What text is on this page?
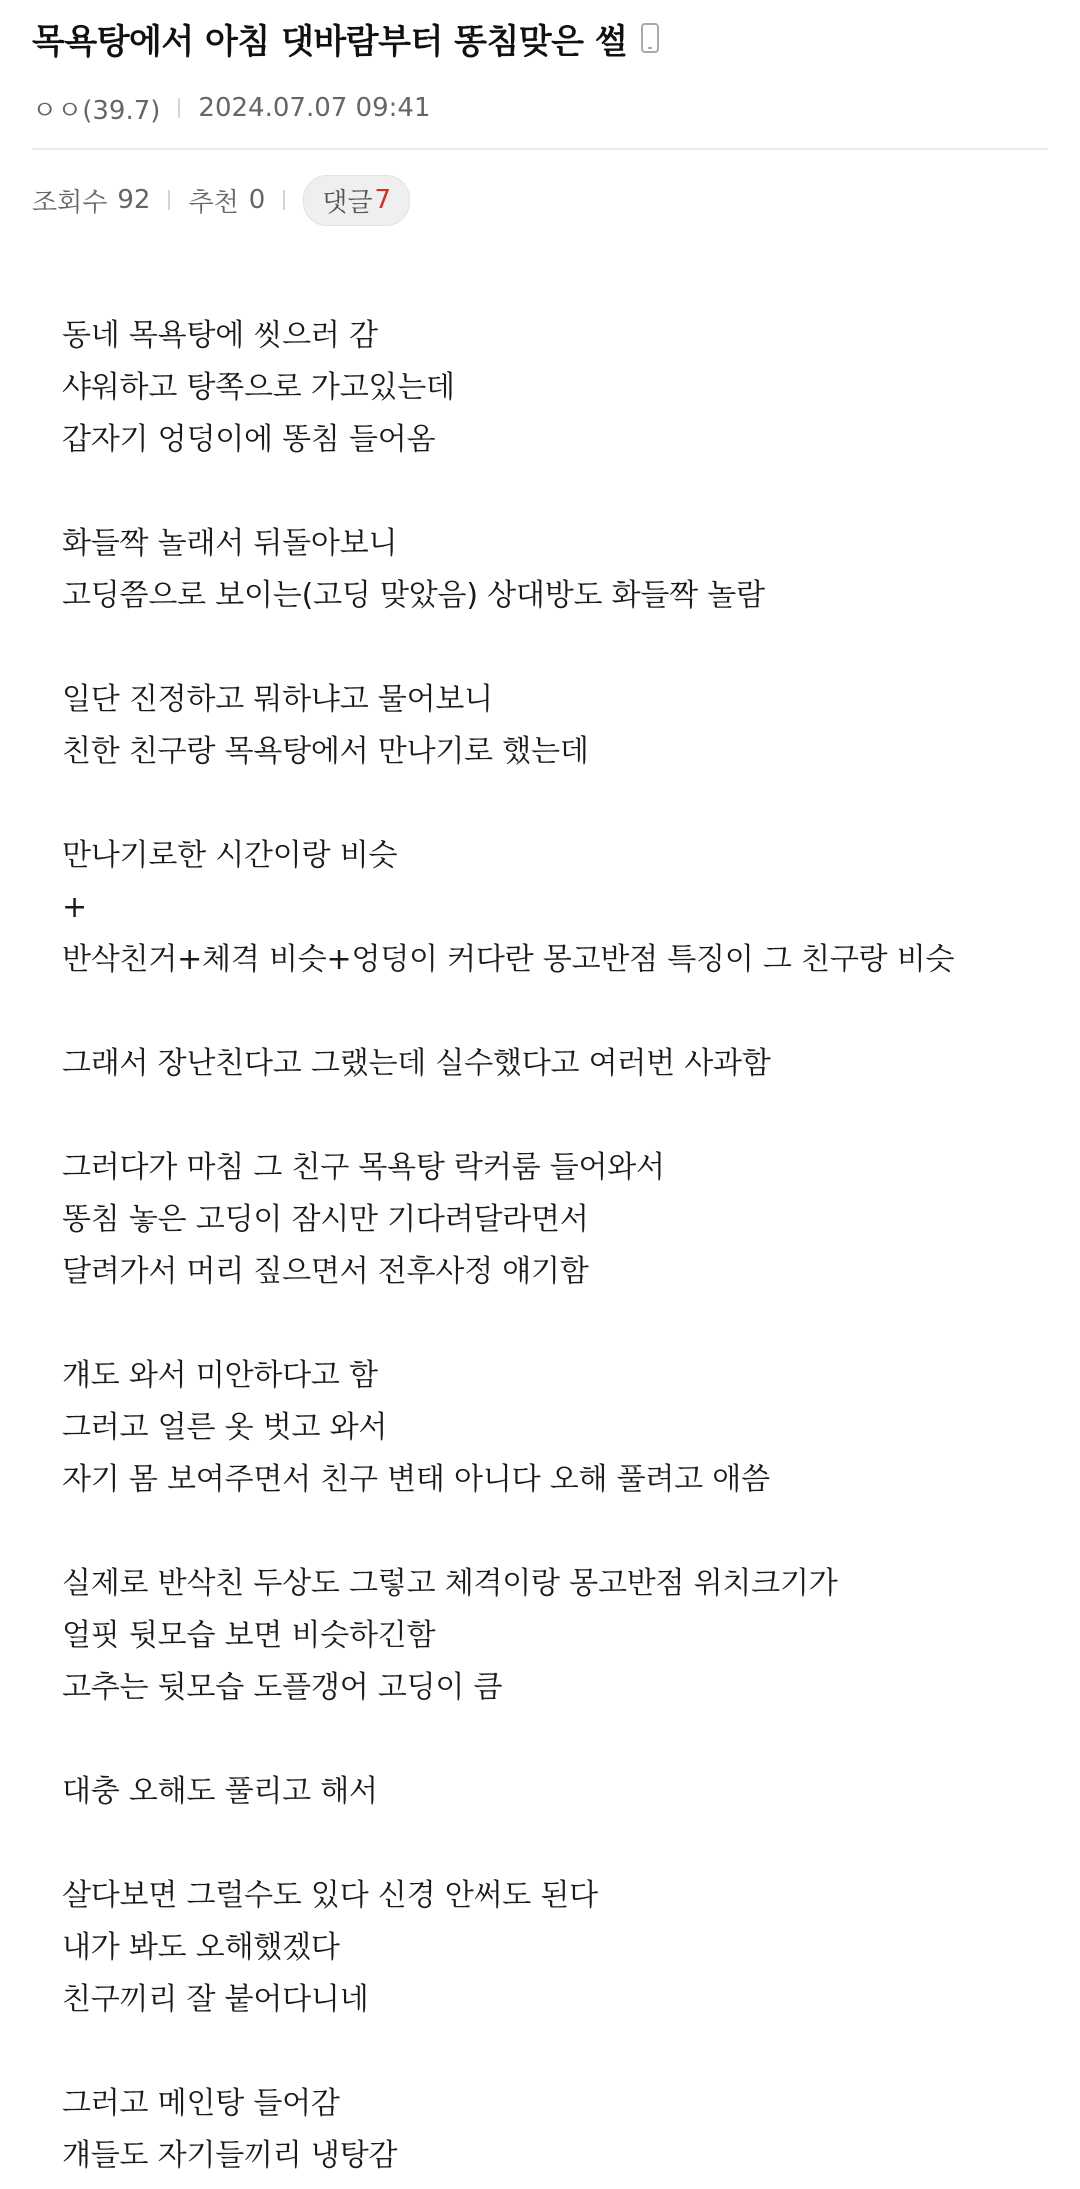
목욕탕에서 아침 댓바람부터 똥침맞은 썰
ㅇㅇ(39.7) 2024.07.07 09:41
조회수 92 추천 0 댓글 7

동네 목욕탕에 씻으러 감

샤워하고 탕쪽으로 가고있는데

갑자기 엉덩이에 똥침 들어옴

화들짝 놀래서 뒤돌아보니

고딩쯤으로 보이는(고딩 맞았음) 상대방도 화들짝 놀람

일단 진정하고 뭐하냐고 물어보니

친한 친구랑 목욕탕에서 만나기로 했는데

만나기로한 시간이랑 비슷

+

반삭친거+체격 비슷+엉덩이 커다란 몽고반점 특징이 그 친구랑 비슷

그래서 장난친다고 그랬는데 실수했다고 여러번 사과함

그러다가 마침 그 친구 목욕탕 락커룸 들어와서

똥침 놓은 고딩이 잠시만 기다려달라면서

달려가서 머리 짚으면서 전후사정 얘기함

걔도 와서 미안하다고 함

그러고 얼른 옷 벗고 와서

자기 몸 보여주면서 친구 변태 아니다 오해 풀려고 애씀

실제로 반삭친 두상도 그렇고 체격이랑 몽고반점 위치크기가

얼핏 뒷모습 보면 비슷하긴함

고추는 뒷모습 도플갱어 고딩이 큼

대충 오해도 풀리고 해서

살다보면 그럴수도 있다 신경 안써도 된다

내가 봐도 오해했겠다

친구끼리 잘 붙어다니네

그러고 메인탕 들어감

걔들도 자기들끼리 냉탕감
